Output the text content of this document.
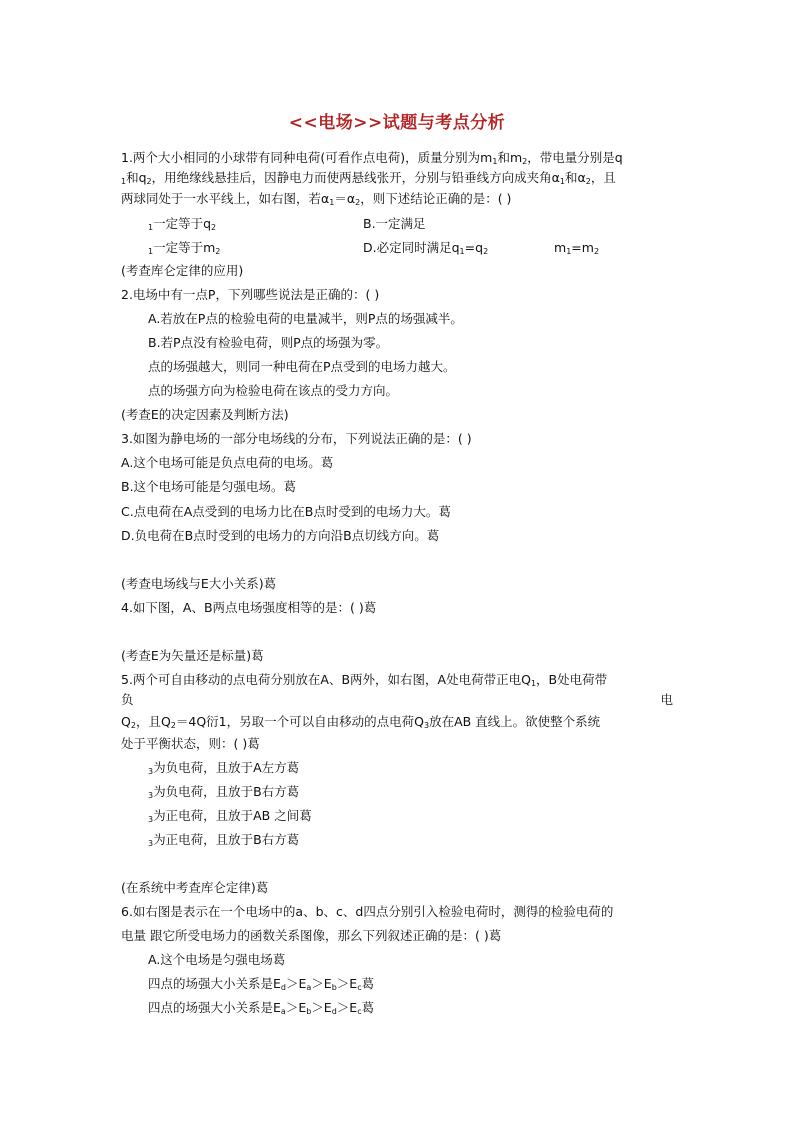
<<电场>>试题与考点分析
1.两个大小相同的小球带有同种电荷(可看作点电荷)，质量分别为$m_1$和$m_2$，带电量分别是q
$_1$和$q_2$，用绝缘线悬挂后，因静电力而使两悬线张开，分别与铅垂线方向成夹角$\alpha_1$和$\alpha_2$，且
两球同处于一水平线上，如右图，若$\alpha_1=\alpha_2$，则下述结论正确的是：( )
$_1$一定等于$q_2$	B.一定满足
$_1$一定等于$m_2$	D.必定同时满足$q_1=q_2$	$m_1=m_2$
(考查库仑定律的应用)
2.电场中有一点P，下列哪些说法是正确的：( )
A.若放在P点的检验电荷的电量减半，则P点的场强减半。
B.若P点没有检验电荷，则P点的场强为零。
点的场强越大，则同一种电荷在P点受到的电场力越大。
点的场强方向为检验电荷在该点的受力方向。
(考查E的决定因素及判断方法)
3.如图为静电场的一部分电场线的分布，下列说法正确的是：( )
A.这个电场可能是负点电荷的电场。葛
B.这个电场可能是匀强电场。葛
C.点电荷在A点受到的电场力比在B点时受到的电场力大。葛
D.负电荷在B点时受到的电场力的方向沿B点切线方向。葛
(考查电场线与E大小关系)葛
4.如下图，A、B两点电场强度相等的是：( )葛
(考查E为矢量还是标量)葛
5.两个可自由移动的点电荷分别放在A、B两外，如右图，A处电荷带正电$Q_1$，B处电荷带
负	电
$Q_2$，且$Q_2=4Q$衍1，另取一个可以自由移动的点电荷$Q_3$放在AB 直线上。欲使整个系统
处于平衡状态，则：( )葛
$_3$为负电荷，且放于A左方葛
$_3$为负电荷，且放于B右方葛
$_3$为正电荷，且放于AB 之间葛
$_3$为正电荷，且放于B右方葛
(在系统中考查库仑定律)葛
6.如右图是表示在一个电场中的a、b、c、d四点分别引入检验电荷时，测得的检验电荷的
电量 跟它所受电场力的函数关系图像，那幺下列叙述正确的是：( )葛
A.这个电场是匀强电场葛
四点的场强大小关系是$E_d>E_a>E_b>E_c$葛
四点的场强大小关系是$E_a>E_b>E_d>E_c$葛
